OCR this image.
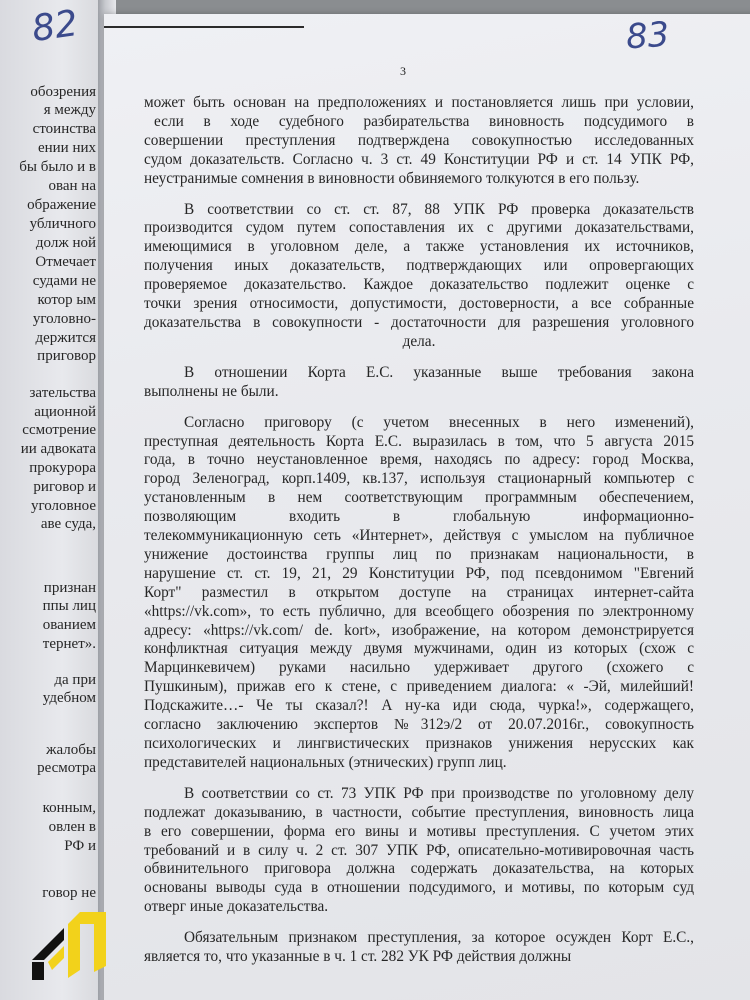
82
обозрения
я между
стоинства
ении них
бы было и в
ован на
ображение
убличного
долж ной
Отмечает
судами не
котор ым
уголовно-
держится
приговор
зательства
ационной
ссмотрение
ии адвоката
прокурора
риговор и
уголовное
аве суда,
признан
ппы лиц
ованием
тернет».
да при
удебном
жалобы
ресмотра
конным,
овлен в
РФ и
говор не
83
3

может быть основан на предположениях и постановляется лишь при условии,
если в ходе судебного разбирательства виновность подсудимого в
совершении преступления подтверждена совокупностью исследованных
судом доказательств. Согласно ч. 3 ст. 49 Конституции РФ и ст. 14 УПК РФ,
неустранимые сомнения в виновности обвиняемого толкуются в его пользу.

В соответствии со ст. ст. 87, 88 УПК РФ проверка доказательств
производится судом путем сопоставления их с другими доказательствами,
имеющимися в уголовном деле, а также установления их источников,
получения иных доказательств, подтверждающих или опровергающих
проверяемое доказательство. Каждое доказательство подлежит оценке с
точки зрения относимости, допустимости, достоверности, а все собранные
доказательства в совокупности - достаточности для разрешения уголовного
дела.

В отношении Корта Е.С. указанные выше требования закона
выполнены не были.

Согласно приговору (с учетом внесенных в него изменений),
преступная деятельность Корта Е.С. выразилась в том, что 5 августа 2015
года, в точно неустановленное время, находясь по адресу: город Москва,
город Зеленоград, корп.1409, кв.137, используя стационарный компьютер с
установленным в нем соответствующим программным обеспечением,
позволяющим входить в глобальную информационно-
телекоммуникационную сеть «Интернет», действуя с умыслом на публичное
унижение достоинства группы лиц по признакам национальности, в
нарушение ст. ст. 19, 21, 29 Конституции РФ, под псевдонимом "Евгений
Корт" разместил в открытом доступе на страницах интернет-сайта
«https://vk.com», то есть публично, для всеобщего обозрения по электронному
адресу: «https://vk.com/ de. kort», изображение, на котором демонстрируется
конфликтная ситуация между двумя мужчинами, один из которых (схож с
Марцинкевичем) руками насильно удерживает другого (схожего с
Пушкиным), прижав его к стене, с приведением диалога: « -Эй, милейший!
Подскажите…- Че ты сказал?! А ну-ка иди сюда, чурка!», содержащего,
согласно заключению экспертов №312э/2 от 20.07.2016г., совокупность
психологических и лингвистических признаков унижения нерусских как
представителей национальных (этнических) групп лиц.

В соответствии со ст. 73 УПК РФ при производстве по уголовному делу
подлежат доказыванию, в частности, событие преступления, виновность лица
в его совершении, форма его вины и мотивы преступления. С учетом этих
требований и в силу ч. 2 ст. 307 УПК РФ, описательно-мотивировочная часть
обвинительного приговора должна содержать доказательства, на которых
основаны выводы суда в отношении подсудимого, и мотивы, по которым суд
отверг иные доказательства.

Обязательным признаком преступления, за которое осужден Корт Е.С.,
является то, что указанные в ч. 1 ст. 282 УК РФ действия должны
